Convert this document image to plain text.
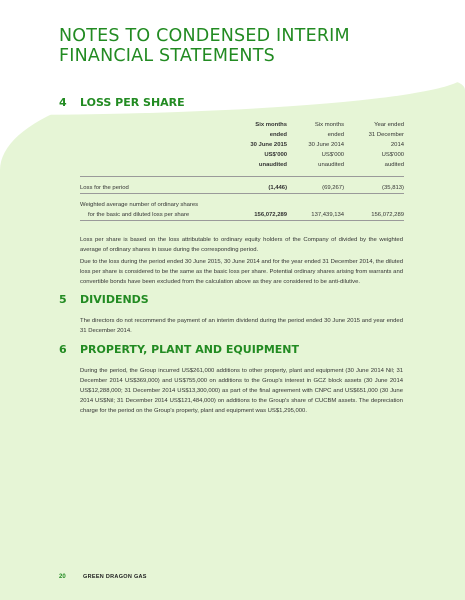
NOTES TO CONDENSED INTERIM
FINANCIAL STATEMENTS
4 LOSS PER SHARE
	Six months	Six months	Year ended
	ended	ended	31 December
	30 June 2015	30 June 2014	2014
	US$'000	US$'000	US$'000
	unaudited	unaudited	audited

Loss for the period	(1,446)	(69,267)	(35,813)

Weighted average number of ordinary shares			
for the basic and diluted loss per share	156,072,289	137,439,134	156,072,289

Loss per share is based on the loss attributable to ordinary equity holders of the Company of divided by the weighted average of ordinary shares in issue during the corresponding period.

Due to the loss during the period ended 30 June 2015, 30 June 2014 and for the year ended 31 December 2014, the diluted loss per share is considered to be the same as the basic loss per share. Potential ordinary shares arising from warrants and convertible bonds have been excluded from the calculation above as they are considered to be anti-dilutive.

5 DIVIDENDS

The directors do not recommend the payment of an interim dividend during the period ended 30 June 2015 and year ended 31 December 2014.

6 PROPERTY, PLANT AND EQUIPMENT

During the period, the Group incurred US$261,000 additions to other property, plant and equipment (30 June 2014 Nil; 31 December 2014 US$369,000) and US$755,000 on additions to the Group's interest in GCZ block assets (30 June 2014 US$12,288,000; 31 December 2014 US$13,300,000) as part of the final agreement with CNPC and US$651,000 (30 June 2014 US$Nil; 31 December 2014 US$121,484,000) on additions to the Group's share of CUCBM assets. The depreciation charge for the period on the Group's property, plant and equipment was US$1,295,000.

20	GREEN DRAGON GAS
